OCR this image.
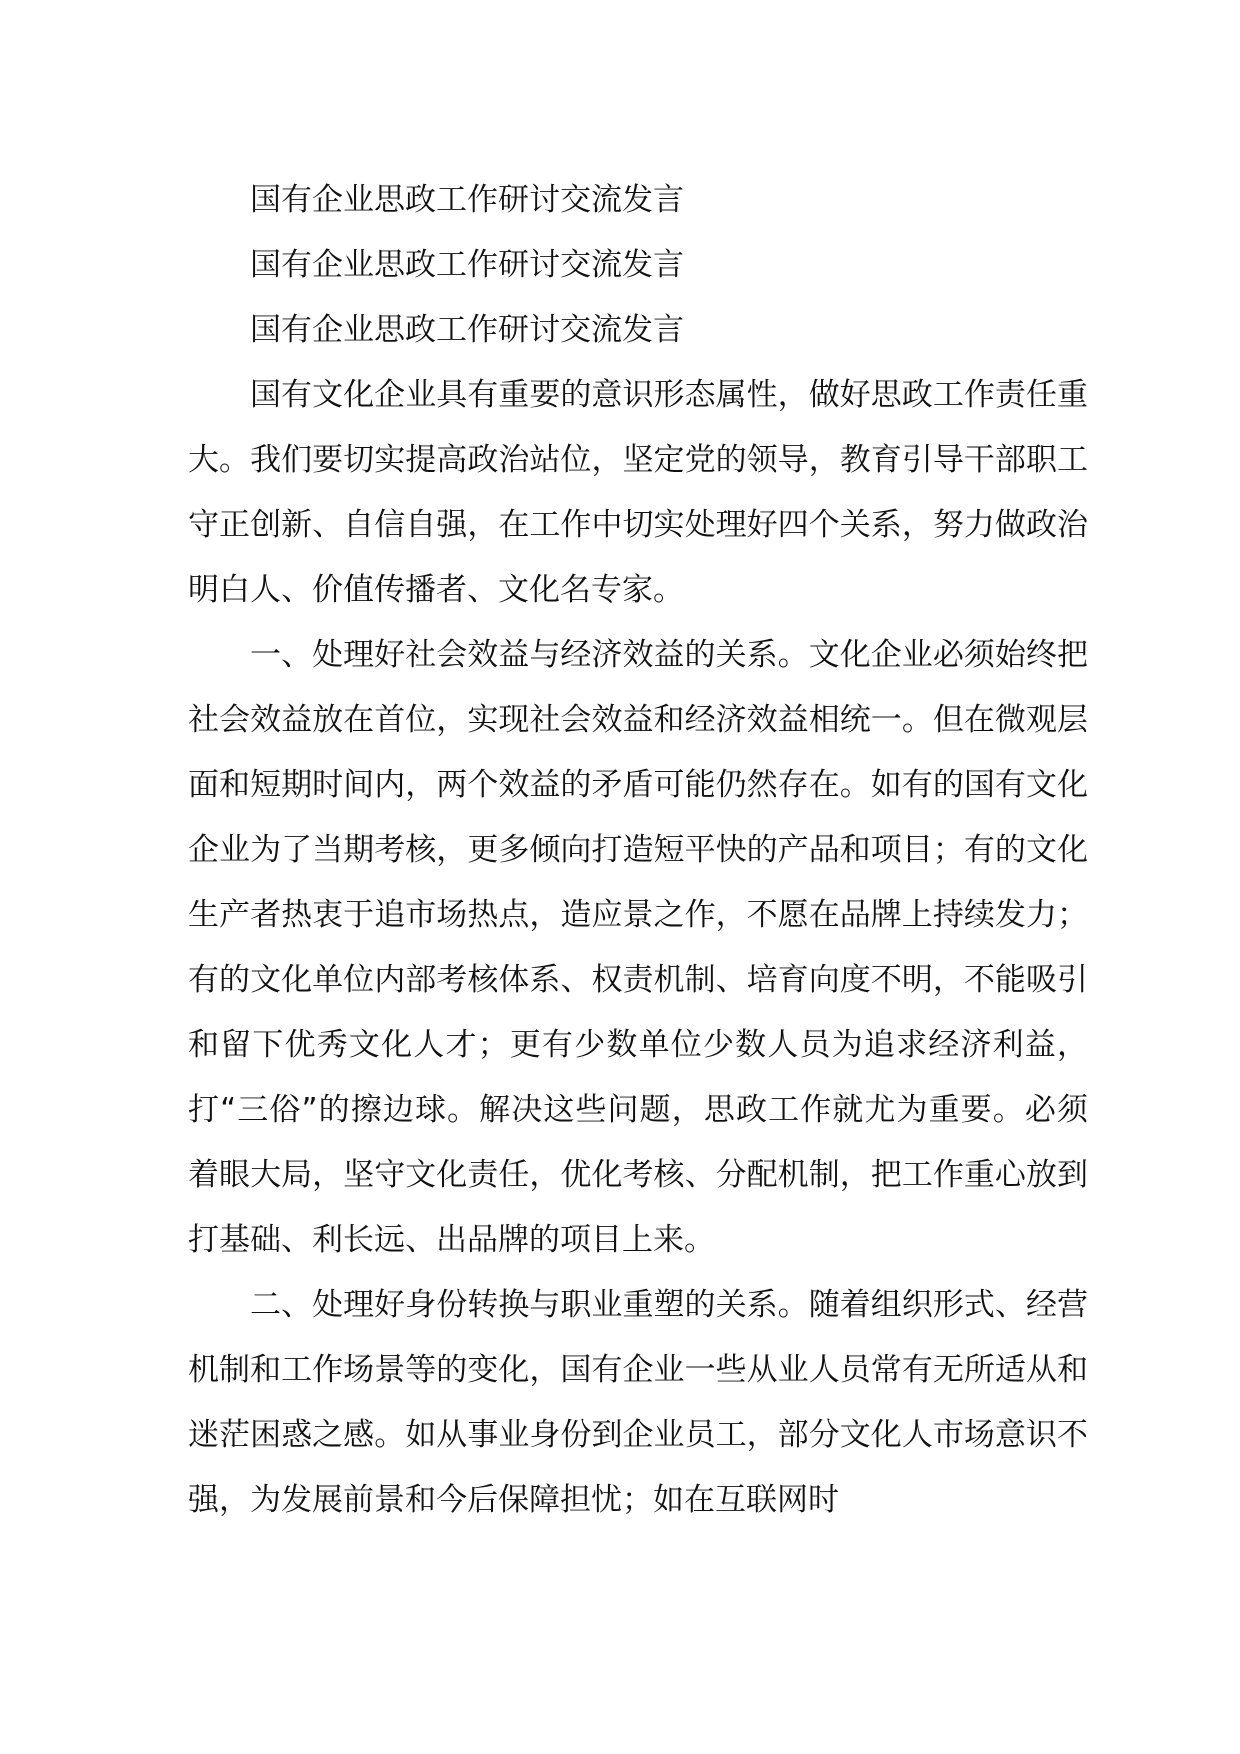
国有企业思政工作研讨交流发言

国有企业思政工作研讨交流发言

国有企业思政工作研讨交流发言

国有文化企业具有重要的意识形态属性，做好思政工作责任重大。我们要切实提高政治站位，坚定党的领导，教育引导干部职工守正创新、自信自强，在工作中切实处理好四个关系，努力做政治明白人、价值传播者、文化名专家。

一、处理好社会效益与经济效益的关系。文化企业必须始终把社会效益放在首位，实现社会效益和经济效益相统一。但在微观层面和短期时间内，两个效益的矛盾可能仍然存在。如有的国有文化企业为了当期考核，更多倾向打造短平快的产品和项目；有的文化生产者热衷于追市场热点，造应景之作，不愿在品牌上持续发力；有的文化单位内部考核体系、权责机制、培育向度不明，不能吸引和留下优秀文化人才；更有少数单位少数人员为追求经济利益，打“三俗”的擦边球。解决这些问题，思政工作就尤为重要。必须着眼大局，坚守文化责任，优化考核、分配机制，把工作重心放到打基础、利长远、出品牌的项目上来。

二、处理好身份转换与职业重塑的关系。随着组织形式、经营机制和工作场景等的变化，国有企业一些从业人员常有无所适从和迷茫困惑之感。如从事业身份到企业员工，部分文化人市场意识不强，为发展前景和今后保障担忧；如在互联网时
